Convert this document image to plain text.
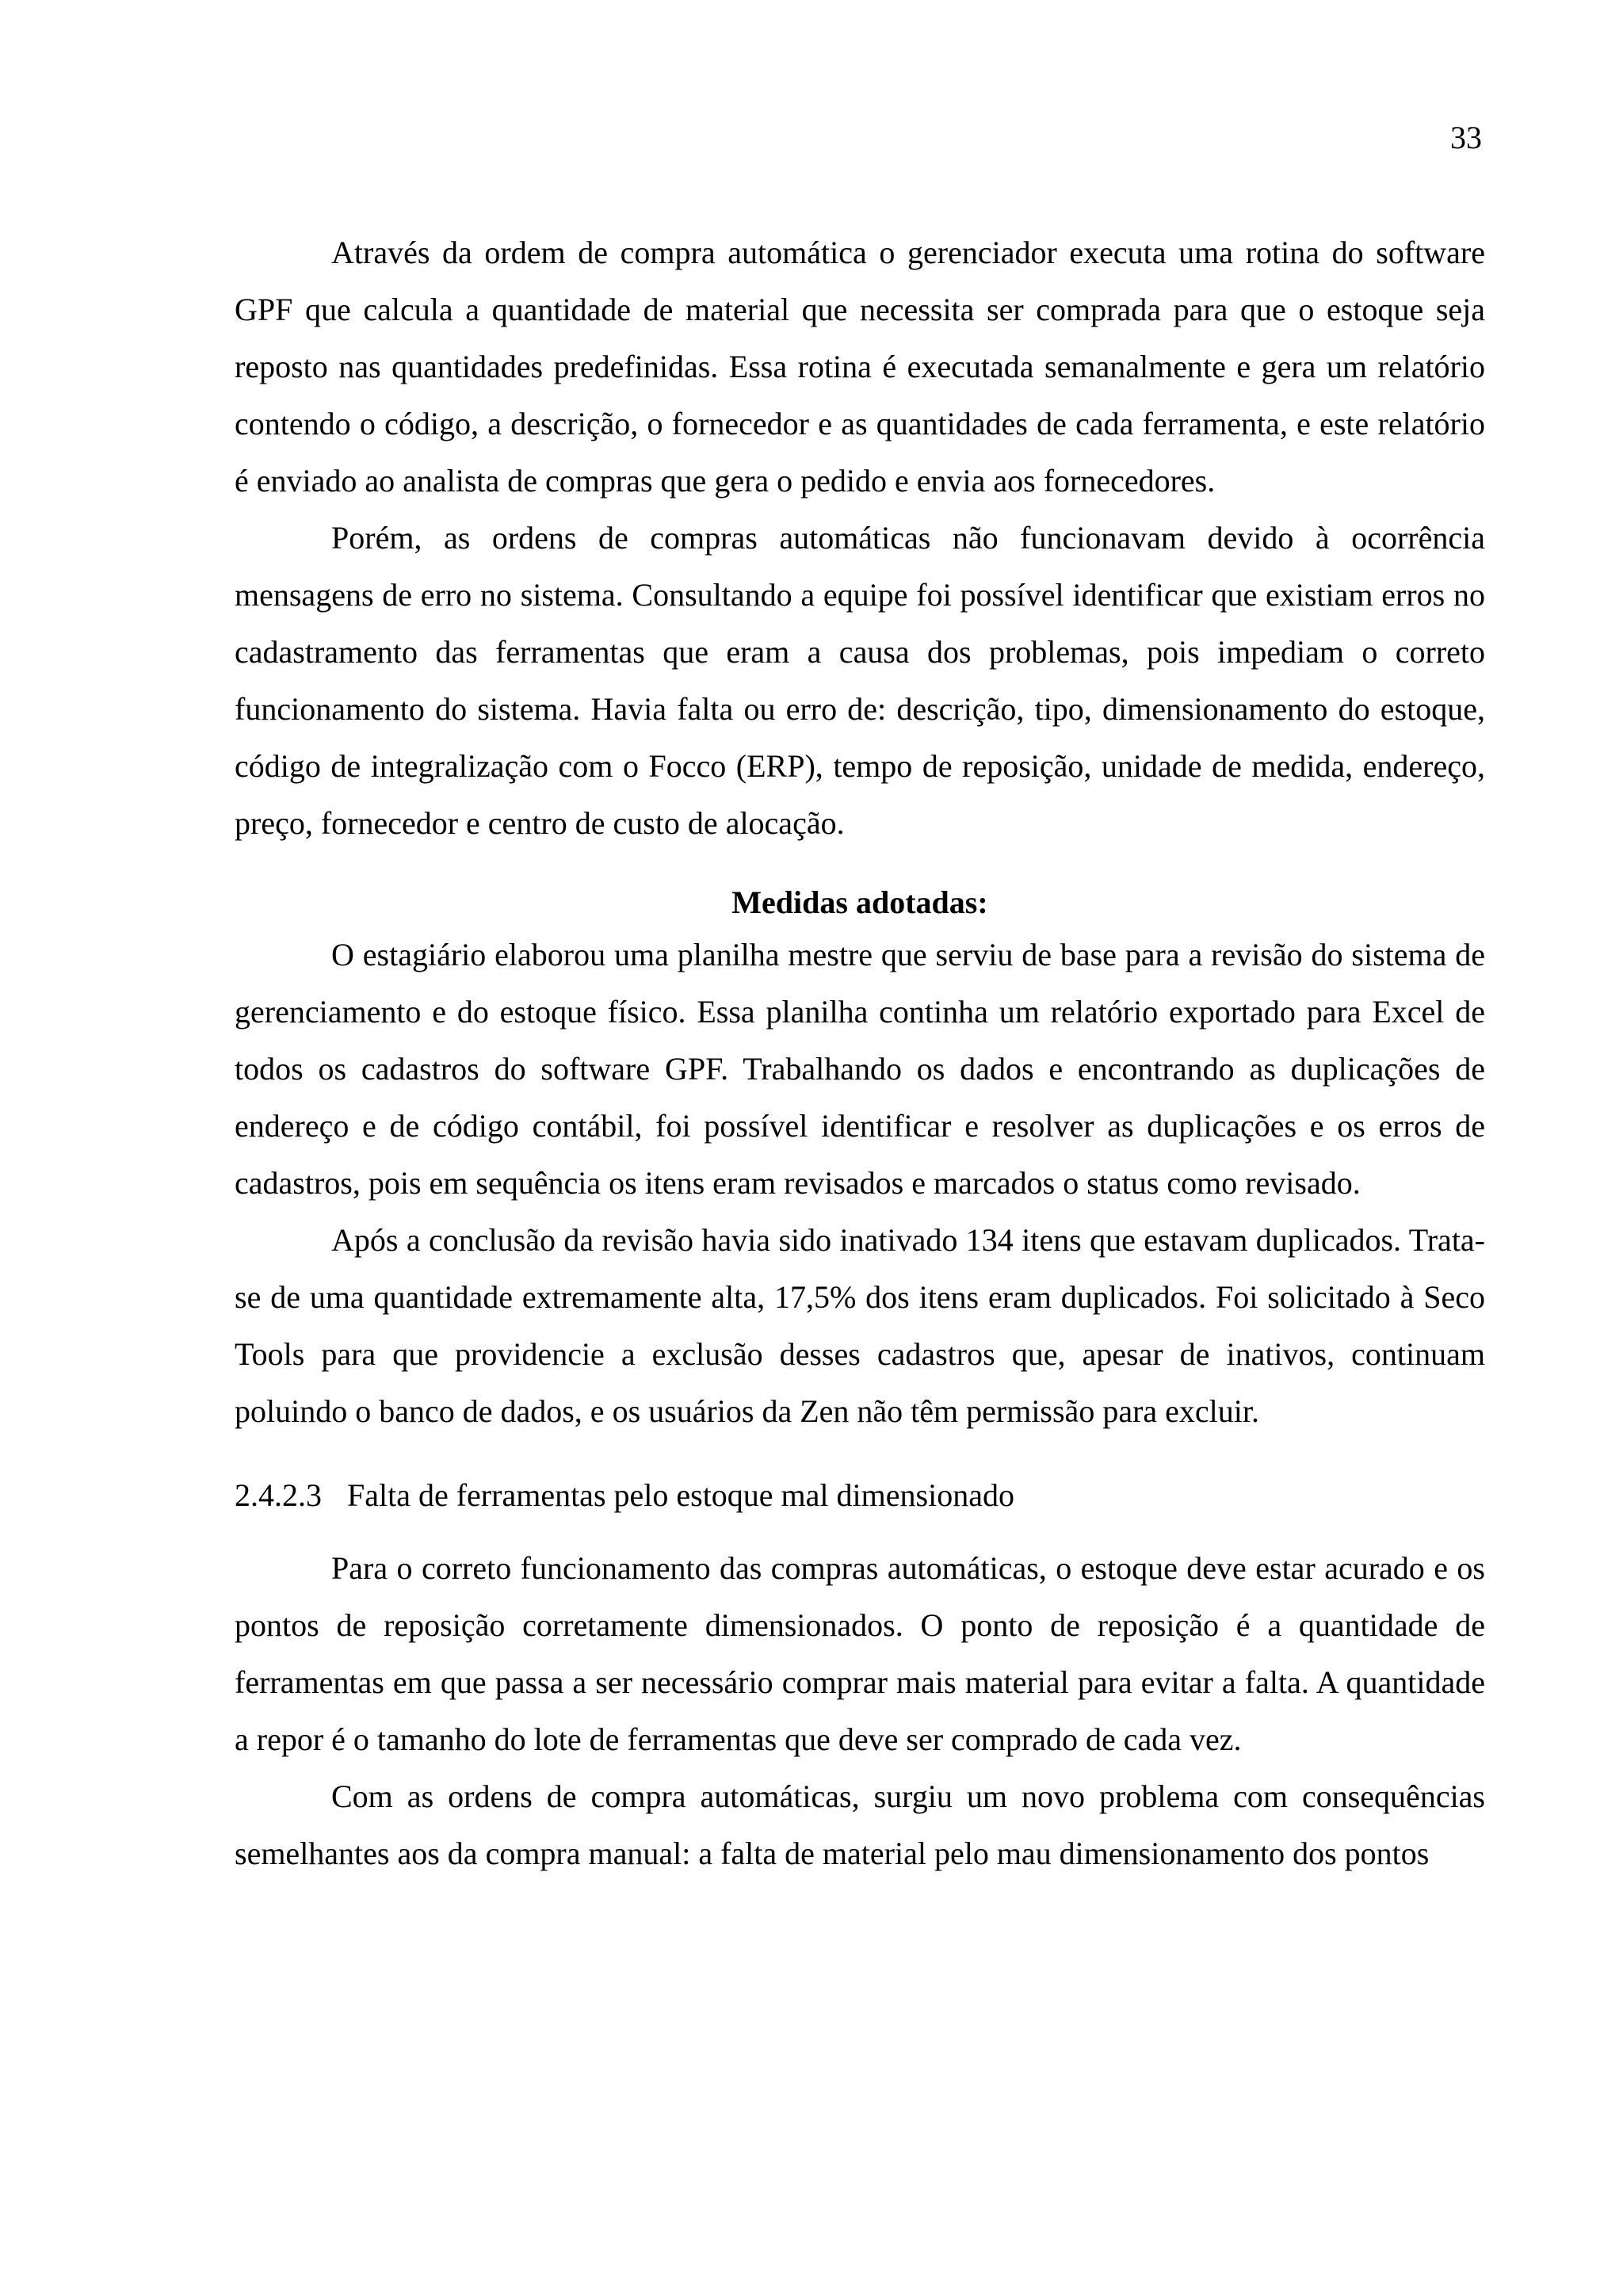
33

Através da ordem de compra automática o gerenciador executa uma rotina do software GPF que calcula a quantidade de material que necessita ser comprada para que o estoque seja reposto nas quantidades predefinidas. Essa rotina é executada semanalmente e gera um relatório contendo o código, a descrição, o fornecedor e as quantidades de cada ferramenta, e este relatório é enviado ao analista de compras que gera o pedido e envia aos fornecedores.

Porém, as ordens de compras automáticas não funcionavam devido à ocorrência mensagens de erro no sistema. Consultando a equipe foi possível identificar que existiam erros no cadastramento das ferramentas que eram a causa dos problemas, pois impediam o correto funcionamento do sistema. Havia falta ou erro de: descrição, tipo, dimensionamento do estoque, código de integralização com o Focco (ERP), tempo de reposição, unidade de medida, endereço, preço, fornecedor e centro de custo de alocação.

Medidas adotadas:

O estagiário elaborou uma planilha mestre que serviu de base para a revisão do sistema de gerenciamento e do estoque físico. Essa planilha continha um relatório exportado para Excel de todos os cadastros do software GPF. Trabalhando os dados e encontrando as duplicações de endereço e de código contábil, foi possível identificar e resolver as duplicações e os erros de cadastros, pois em sequência os itens eram revisados e marcados o status como revisado.

Após a conclusão da revisão havia sido inativado 134 itens que estavam duplicados. Trata-se de uma quantidade extremamente alta, 17,5% dos itens eram duplicados. Foi solicitado à Seco Tools para que providencie a exclusão desses cadastros que, apesar de inativos, continuam poluindo o banco de dados, e os usuários da Zen não têm permissão para excluir.

2.4.2.3 Falta de ferramentas pelo estoque mal dimensionado

Para o correto funcionamento das compras automáticas, o estoque deve estar acurado e os pontos de reposição corretamente dimensionados. O ponto de reposição é a quantidade de ferramentas em que passa a ser necessário comprar mais material para evitar a falta. A quantidade a repor é o tamanho do lote de ferramentas que deve ser comprado de cada vez.

Com as ordens de compra automáticas, surgiu um novo problema com consequências semelhantes aos da compra manual: a falta de material pelo mau dimensionamento dos pontos
